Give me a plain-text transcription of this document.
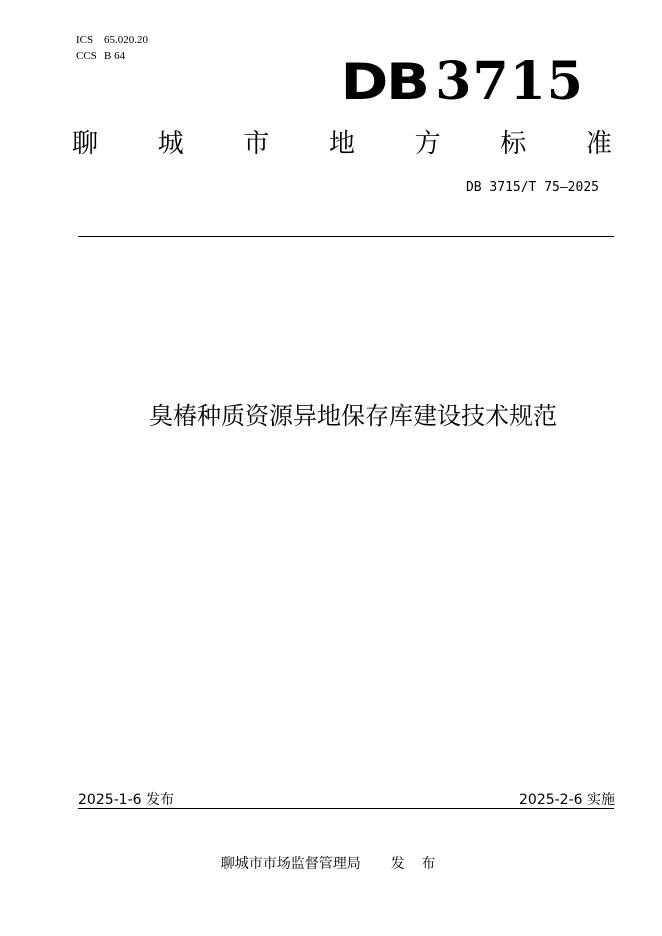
ICS 65.020.20
CCS B 64	DB 3715
聊 城 市 地 方 标 准
DB 3715/T 75—2025
臭椿种质资源异地保存库建设技术规范
2025-1-6 发布	2025-2-6 实施
聊城市市场监督管理局 发 布
